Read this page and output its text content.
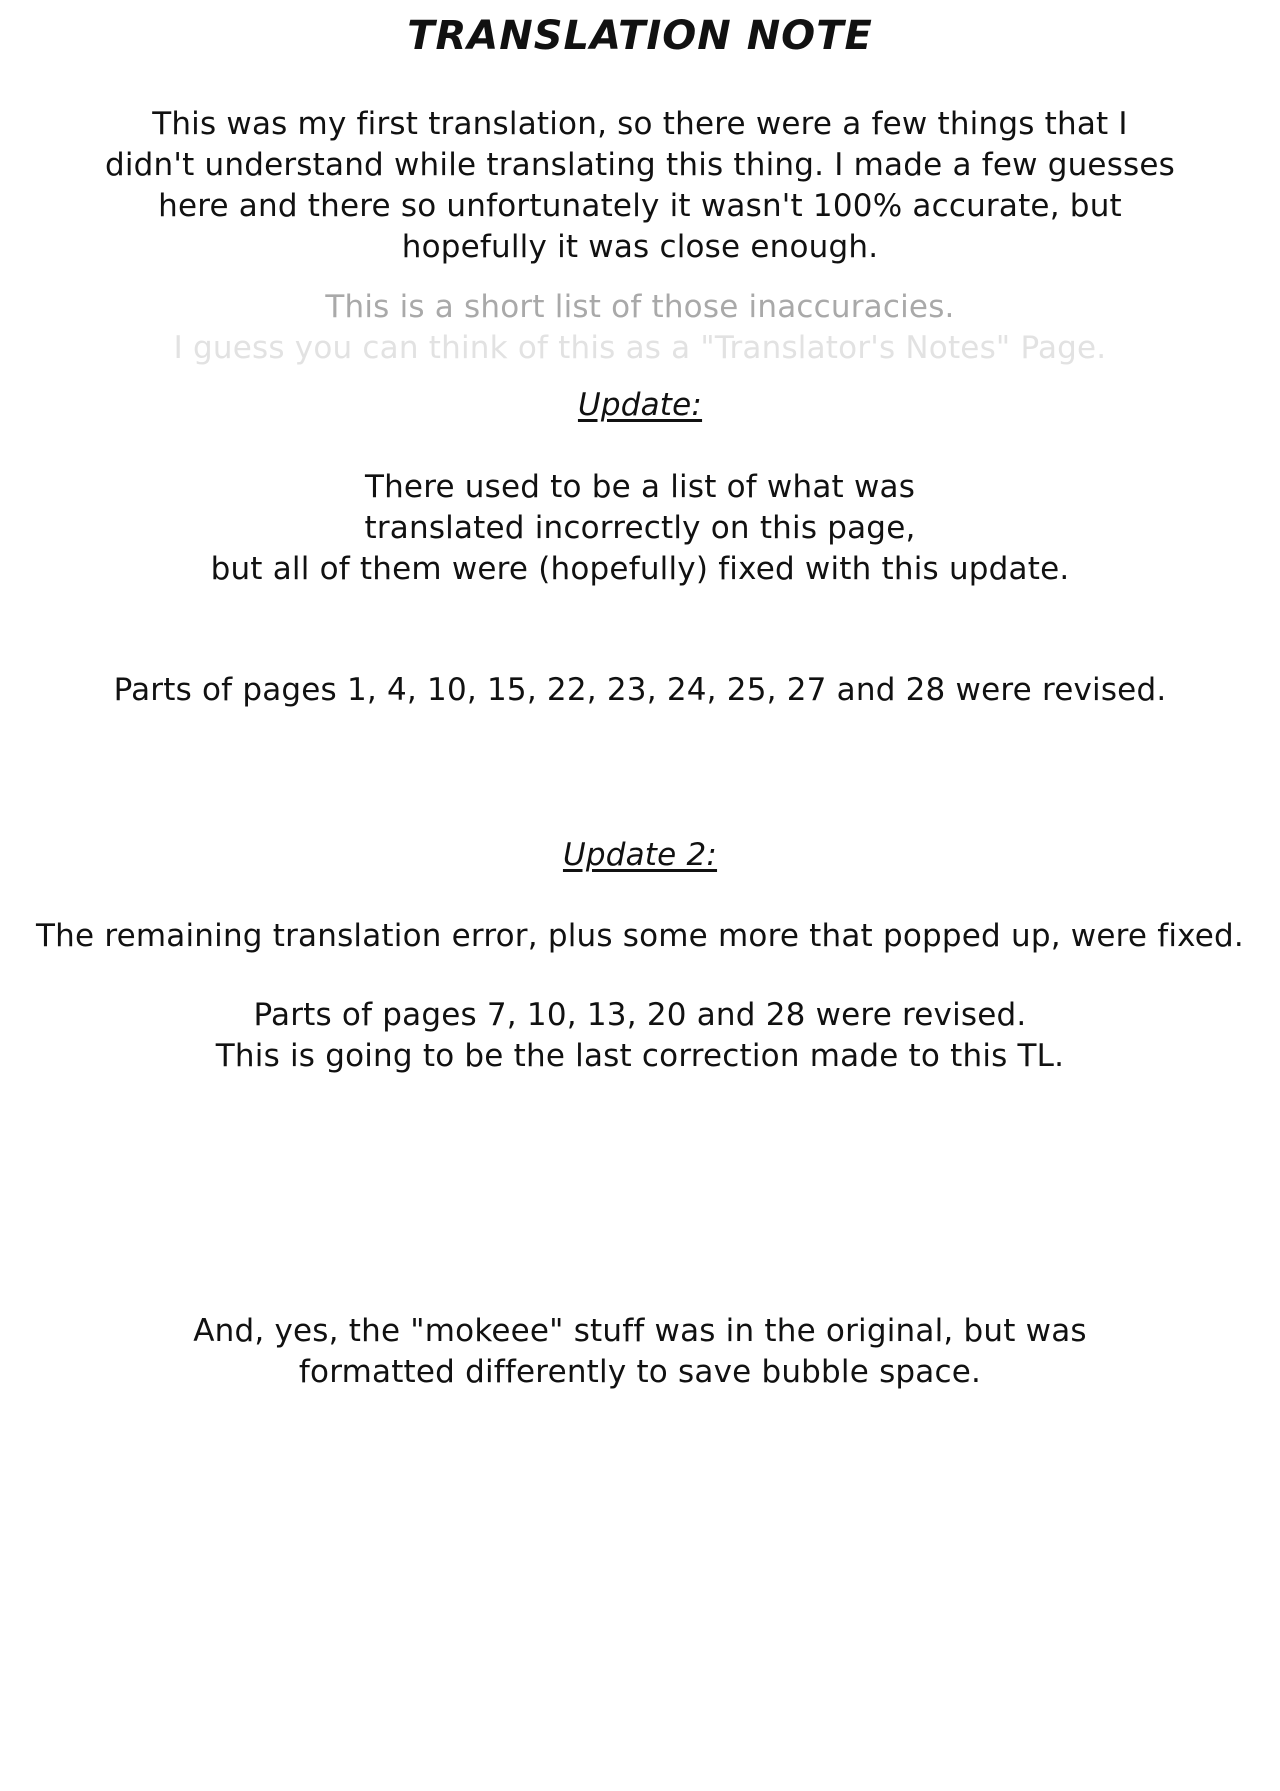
TRANSLATION NOTE
This was my first translation, so there were a few things that I
didn't understand while translating this thing. I made a few guesses
here and there so unfortunately it wasn't 100% accurate, but
hopefully it was close enough.
This is a short list of those inaccuracies.
I guess you can think of this as a "Translator's Notes" Page.
Update:
There used to be a list of what was
translated incorrectly on this page,
but all of them were (hopefully) fixed with this update.
Parts of pages 1, 4, 10, 15, 22, 23, 24, 25, 27 and 28 were revised.
Update 2:
The remaining translation error, plus some more that popped up, were fixed.
Parts of pages 7, 10, 13, 20 and 28 were revised.
This is going to be the last correction made to this TL.
And, yes, the "mokeee" stuff was in the original, but was
formatted differently to save bubble space.
